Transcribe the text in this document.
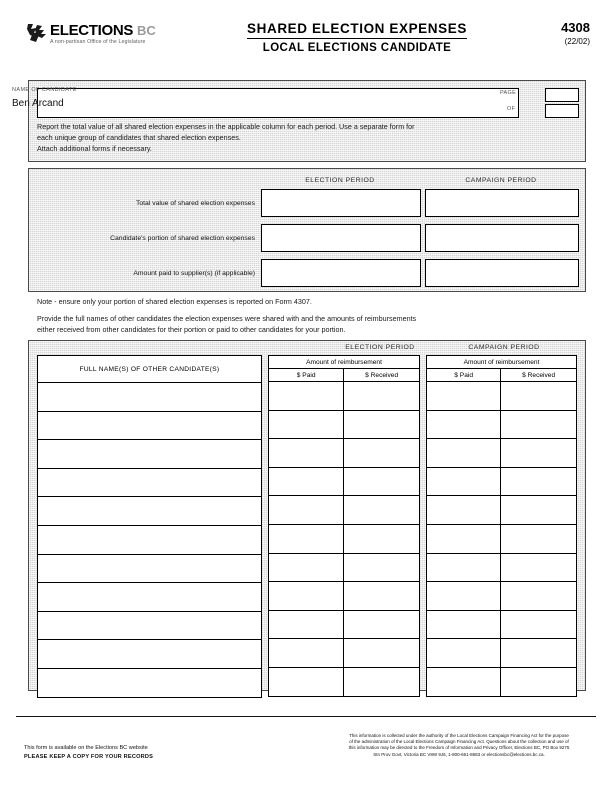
ELECTIONS BC
A non-partisan Office of the Legislature
SHARED ELECTION EXPENSES
LOCAL ELECTIONS CANDIDATE
4308
(22/02)
NAME OF CANDIDATE
Ben Arcand
PAGE
OF
Report the total value of all shared election expenses in the applicable column for each period. Use a separate form for
each unique group of candidates that shared election expenses.
Attach additional forms if necessary.
ELECTION PERIOD	CAMPAIGN PERIOD
Total value of shared election expenses
Candidate's portion of shared election expenses
Amount paid to supplier(s) (if applicable)
Note - ensure only your portion of shared election expenses is reported on Form 4307.
Provide the full names of other candidates the election expenses were shared with and the amounts of reimbursements
either received from other candidates for their portion or paid to other candidates for your portion.
ELECTION PERIOD	CAMPAIGN PERIOD
FULL NAME(S) OF OTHER CANDIDATE(S)

Amount of reimbursement	
$ Paid	$ Received

Amount of reimbursement	
$ Paid	$ Received

This form is available on the Elections BC website
PLEASE KEEP A COPY FOR YOUR RECORDS
This information is collected under the authority of the Local Elections Campaign Financing Act for the purpose
of the administration of the Local Elections Campaign Financing Act. Questions about the collection and use of
this information may be directed to the Freedom of Information and Privacy Officer, Elections BC, PO Box 9275
Stn Prov Govt, Victoria BC V8W 9J6, 1-800-661-8683 or electionsbc@elections.bc.ca.
